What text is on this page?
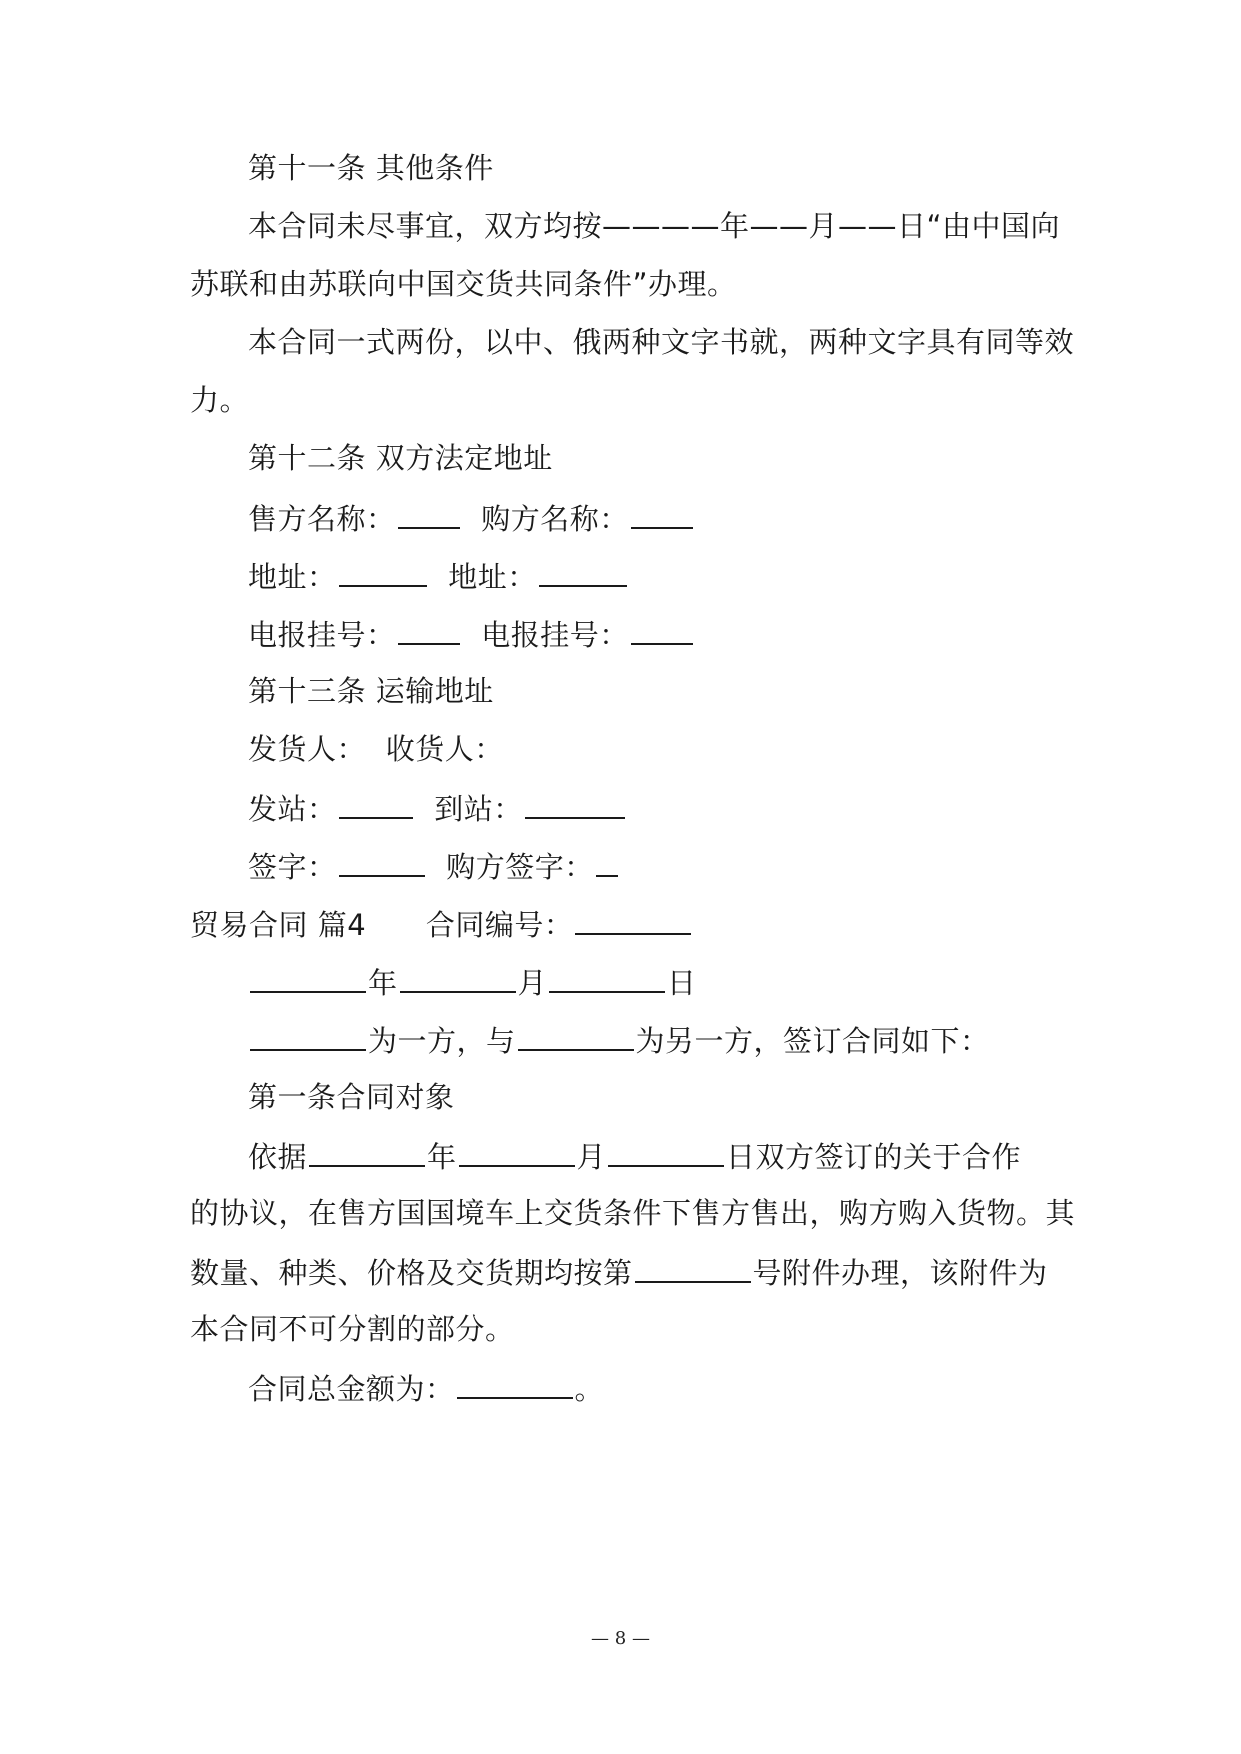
第十一条 其他条件
本合同未尽事宜，双方均按————年——月——日“由中国向
苏联和由苏联向中国交货共同条件”办理。
本合同一式两份，以中、俄两种文字书就，两种文字具有同等效
力。
第十二条 双方法定地址
售方名称：	购方名称：
地址：	地址：
电报挂号：	电报挂号：
第十三条 运输地址
发货人： 收货人：
发站：	到站：
签字：	购方签字：
贸易合同 篇4 合同编号：
年	月	日
为一方，与	为另一方，签订合同如下：
第一条合同对象
依据	年	月	日双方签订的关于合作
的协议，在售方国国境车上交货条件下售方售出，购方购入货物。其
数量、种类、价格及交货期均按第	号附件办理，该附件为
本合同不可分割的部分。
合同总金额为：	。
— 8 —
